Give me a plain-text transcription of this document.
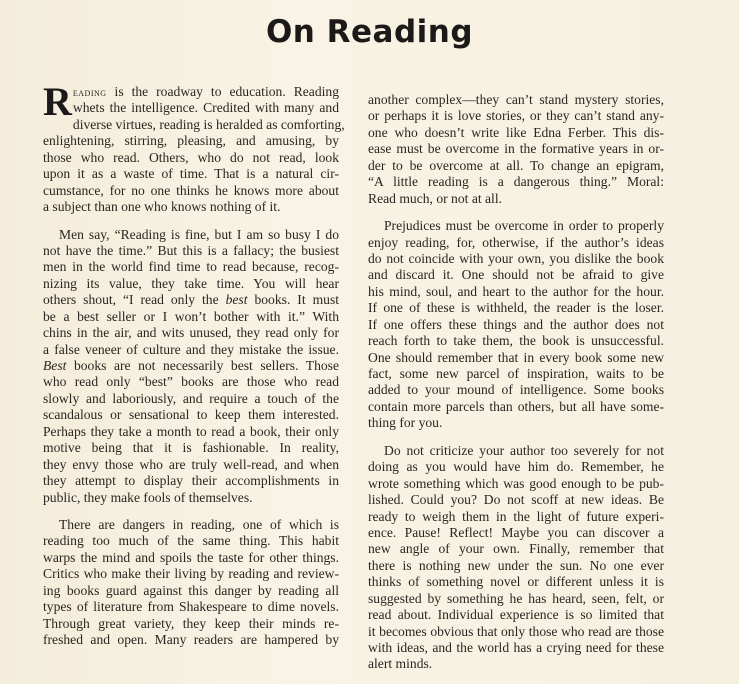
On Reading
R eading is the roadway to education. Reading
whets the intelligence. Credited with many and
diverse virtues, reading is heralded as comforting,
enlightening, stirring, pleasing, and amusing, by
those who read. Others, who do not read, look
upon it as a waste of time. That is a natural cir-
cumstance, for no one thinks he knows more about
a subject than one who knows nothing of it.
Men say, “Reading is fine, but I am so busy I do
not have the time.” But this is a fallacy; the busiest
men in the world find time to read because, recog-
nizing its value, they take time. You will hear
others shout, “I read only the best books. It must
be a best seller or I won’t bother with it.” With
chins in the air, and wits unused, they read only for
a false veneer of culture and they mistake the issue.
Best books are not necessarily best sellers. Those
who read only “best” books are those who read
slowly and laboriously, and require a touch of the
scandalous or sensational to keep them interested.
Perhaps they take a month to read a book, their only
motive being that it is fashionable. In reality,
they envy those who are truly well-read, and when
they attempt to display their accomplishments in
public, they make fools of themselves.
There are dangers in reading, one of which is
reading too much of the same thing. This habit
warps the mind and spoils the taste for other things.
Critics who make their living by reading and review-
ing books guard against this danger by reading all
types of literature from Shakespeare to dime novels.
Through great variety, they keep their minds re-
freshed and open. Many readers are hampered by
another complex—they can’t stand mystery stories,
or perhaps it is love stories, or they can’t stand any-
one who doesn’t write like Edna Ferber. This dis-
ease must be overcome in the formative years in or-
der to be overcome at all. To change an epigram,
“A little reading is a dangerous thing.” Moral:
Read much, or not at all.
Prejudices must be overcome in order to properly
enjoy reading, for, otherwise, if the author’s ideas
do not coincide with your own, you dislike the book
and discard it. One should not be afraid to give
his mind, soul, and heart to the author for the hour.
If one of these is withheld, the reader is the loser.
If one offers these things and the author does not
reach forth to take them, the book is unsuccessful.
One should remember that in every book some new
fact, some new parcel of inspiration, waits to be
added to your mound of intelligence. Some books
contain more parcels than others, but all have some-
thing for you.
Do not criticize your author too severely for not
doing as you would have him do. Remember, he
wrote something which was good enough to be pub-
lished. Could you? Do not scoff at new ideas. Be
ready to weigh them in the light of future experi-
ence. Pause! Reflect! Maybe you can discover a
new angle of your own. Finally, remember that
there is nothing new under the sun. No one ever
thinks of something novel or different unless it is
suggested by something he has heard, seen, felt, or
read about. Individual experience is so limited that
it becomes obvious that only those who read are those
with ideas, and the world has a crying need for these
alert minds.
